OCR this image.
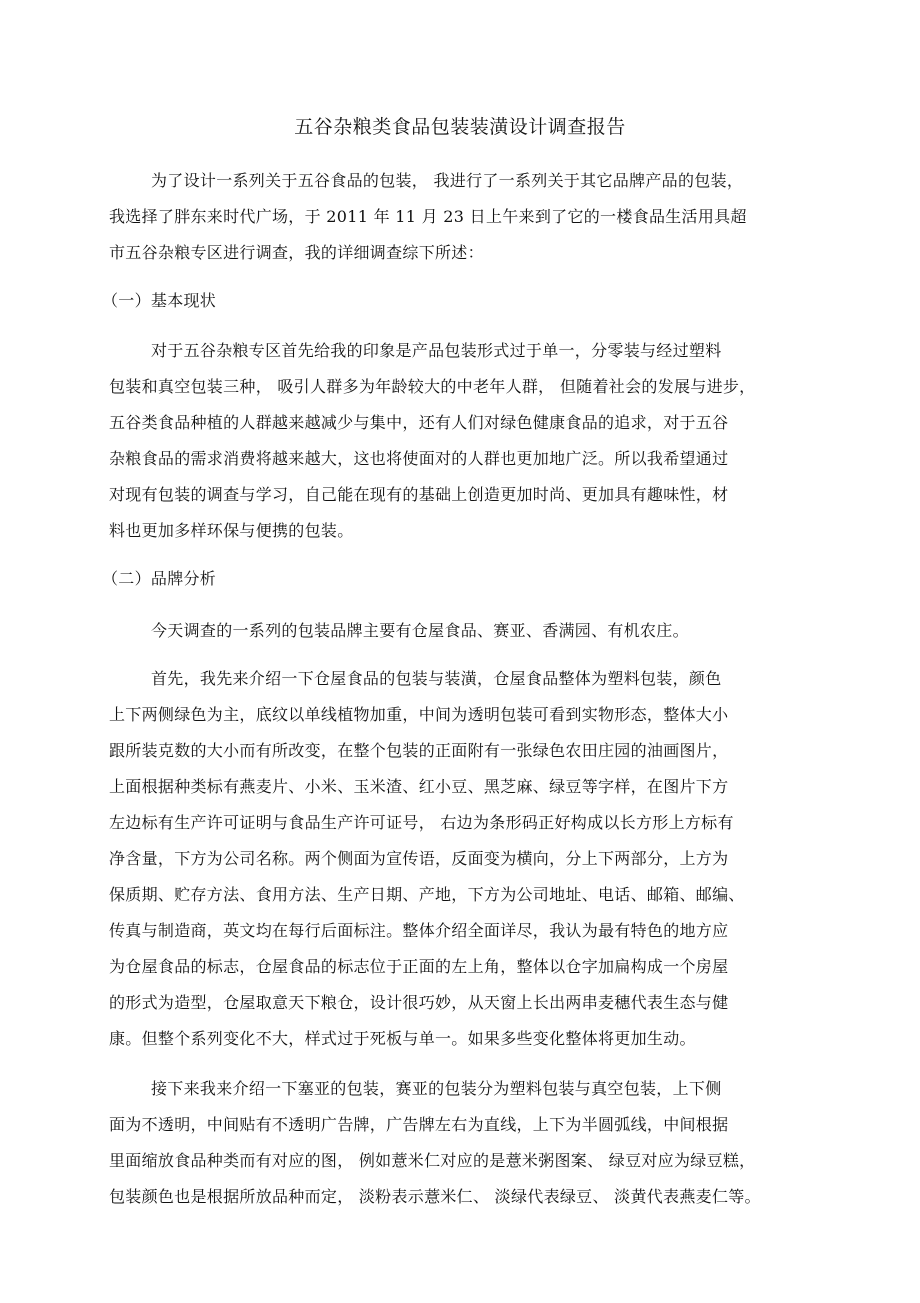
五谷杂粮类食品包装装潢设计调查报告
为了设计一系列关于五谷食品的包装， 我进行了一系列关于其它品牌产品的包装，
我选择了胖东来时代广场，于 2011 年 11 月 23 日上午来到了它的一楼食品生活用具超
市五谷杂粮专区进行调查，我的详细调查综下所述：
（一）基本现状
对于五谷杂粮专区首先给我的印象是产品包装形式过于单一，分零装与经过塑料
包装和真空包装三种， 吸引人群多为年龄较大的中老年人群， 但随着社会的发展与进步，
五谷类食品种植的人群越来越减少与集中，还有人们对绿色健康食品的追求，对于五谷
杂粮食品的需求消费将越来越大，这也将使面对的人群也更加地广泛。所以我希望通过
对现有包装的调查与学习，自己能在现有的基础上创造更加时尚、更加具有趣味性，材
料也更加多样环保与便携的包装。
（二）品牌分析
今天调查的一系列的包装品牌主要有仓屋食品、赛亚、香满园、有机农庄。
首先，我先来介绍一下仓屋食品的包装与装潢，仓屋食品整体为塑料包装，颜色
上下两侧绿色为主，底纹以单线植物加重，中间为透明包装可看到实物形态，整体大小
跟所装克数的大小而有所改变，在整个包装的正面附有一张绿色农田庄园的油画图片，
上面根据种类标有燕麦片、小米、玉米渣、红小豆、黑芝麻、绿豆等字样，在图片下方
左边标有生产许可证明与食品生产许可证号， 右边为条形码正好构成以长方形上方标有
净含量，下方为公司名称。两个侧面为宣传语，反面变为横向，分上下两部分，上方为
保质期、贮存方法、食用方法、生产日期、产地，下方为公司地址、电话、邮箱、邮编、
传真与制造商，英文均在每行后面标注。整体介绍全面详尽，我认为最有特色的地方应
为仓屋食品的标志，仓屋食品的标志位于正面的左上角，整体以仓字加扁构成一个房屋
的形式为造型，仓屋取意天下粮仓，设计很巧妙，从天窗上长出两串麦穗代表生态与健
康。但整个系列变化不大，样式过于死板与单一。如果多些变化整体将更加生动。
接下来我来介绍一下塞亚的包装，赛亚的包装分为塑料包装与真空包装，上下侧
面为不透明，中间贴有不透明广告牌，广告牌左右为直线，上下为半圆弧线，中间根据
里面缩放食品种类而有对应的图， 例如薏米仁对应的是薏米粥图案、 绿豆对应为绿豆糕，
包装颜色也是根据所放品种而定， 淡粉表示薏米仁、 淡绿代表绿豆、 淡黄代表燕麦仁等。
